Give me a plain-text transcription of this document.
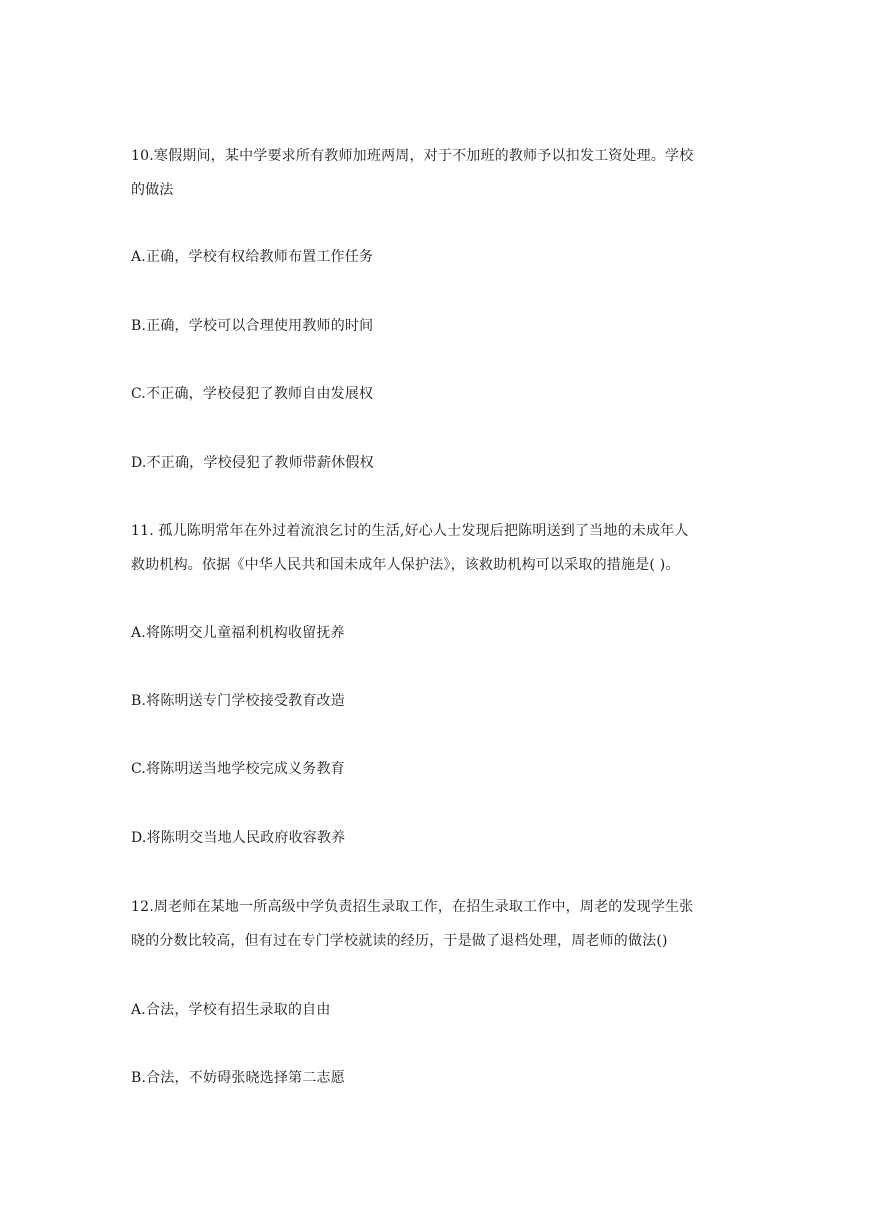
10.寒假期间，某中学要求所有教师加班两周，对于不加班的教师予以扣发工资处理。学校
的做法
A.正确，学校有权给教师布置工作任务
B.正确，学校可以合理使用教师的时间
C.不正确，学校侵犯了教师自由发展权
D.不正确，学校侵犯了教师带薪休假权
11. 孤儿陈明常年在外过着流浪乞讨的生活,好心人士发现后把陈明送到了当地的未成年人
救助机构。依据《中华人民共和国未成年人保护法》，该救助机构可以采取的措施是( )。
A.将陈明交儿童福利机构收留抚养
B.将陈明送专门学校接受教育改造
C.将陈明送当地学校完成义务教育
D.将陈明交当地人民政府收容教养
12.周老师在某地一所高级中学负责招生录取工作，在招生录取工作中，周老的发现学生张
晓的分数比较高，但有过在专门学校就读的经历，于是做了退档处理，周老师的做法()
A.合法，学校有招生录取的自由
B.合法，不妨碍张晓选择第二志愿
